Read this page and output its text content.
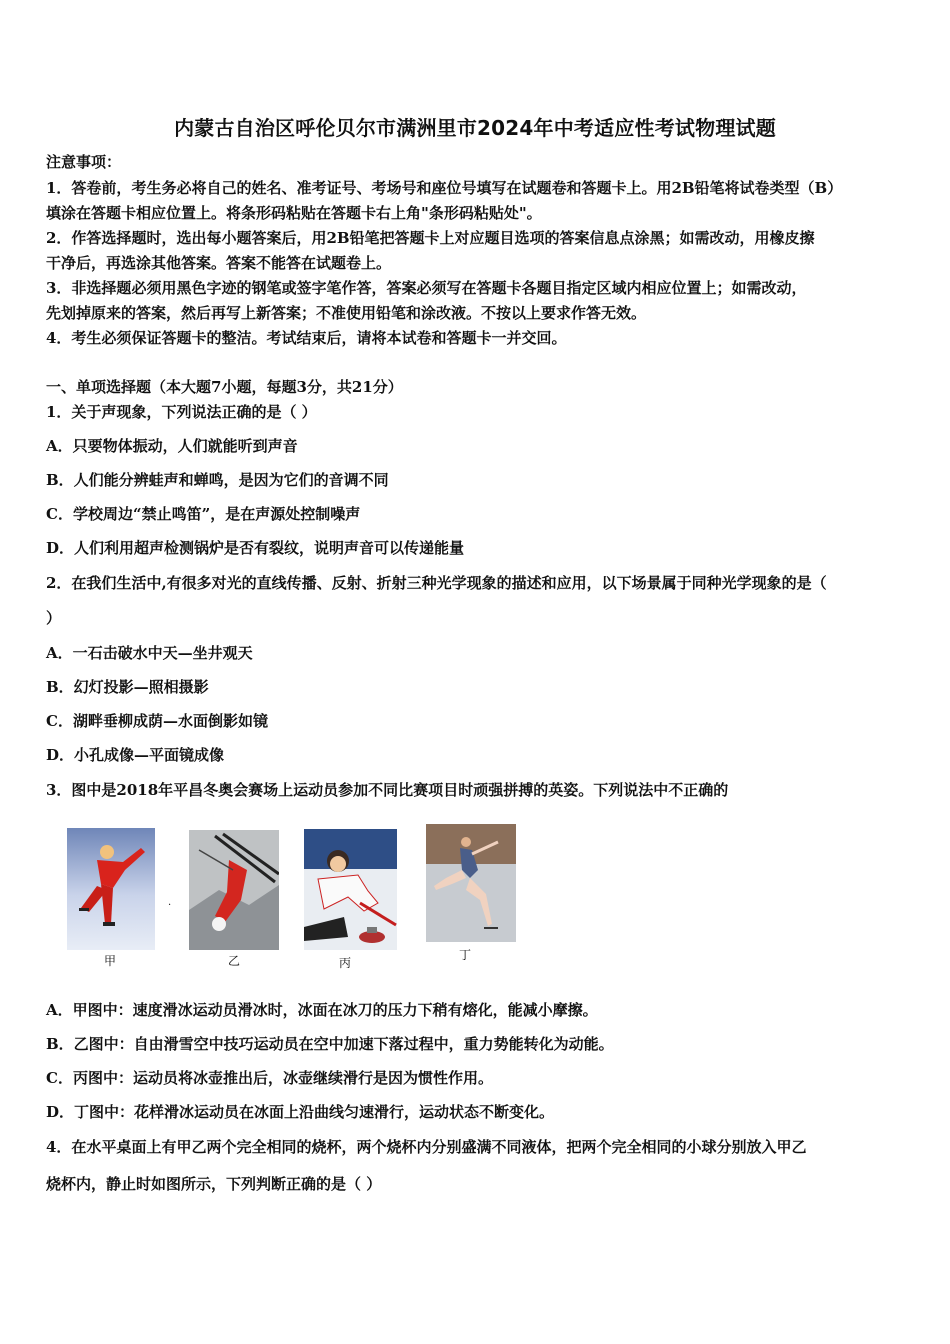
内蒙古自治区呼伦贝尔市满洲里市2024年中考适应性考试物理试题
注意事项：
1．答卷前，考生务必将自己的姓名、准考证号、考场号和座位号填写在试题卷和答题卡上。用2B铅笔将试卷类型（B）
填涂在答题卡相应位置上。将条形码粘贴在答题卡右上角"条形码粘贴处"。
2．作答选择题时，选出每小题答案后，用2B铅笔把答题卡上对应题目选项的答案信息点涂黑；如需改动，用橡皮擦
干净后，再选涂其他答案。答案不能答在试题卷上。
3．非选择题必须用黑色字迹的钢笔或签字笔作答，答案必须写在答题卡各题目指定区域内相应位置上；如需改动，
先划掉原来的答案，然后再写上新答案；不准使用铅笔和涂改液。不按以上要求作答无效。
4．考生必须保证答题卡的整洁。考试结束后，请将本试卷和答题卡一并交回。
一、单项选择题（本大题7小题，每题3分，共21分）
1．关于声现象，下列说法正确的是（ ）
A．只要物体振动，人们就能听到声音
B．人们能分辨蛙声和蝉鸣，是因为它们的音调不同
C．学校周边“禁止鸣笛”，是在声源处控制噪声
D．人们利用超声检测锅炉是否有裂纹，说明声音可以传递能量
2．在我们生活中,有很多对光的直线传播、反射、折射三种光学现象的描述和应用，以下场景属于同种光学现象的是（
）
A．一石击破水中天—坐井观天
B．幻灯投影—照相摄影
C．湖畔垂柳成荫—水面倒影如镜
D．小孔成像—平面镜成像
3．图中是2018年平昌冬奥会赛场上运动员参加不同比赛项目时顽强拼搏的英姿。下列说法中不正确的
甲	乙	丙
丁
.
A．甲图中：速度滑冰运动员滑冰时，冰面在冰刀的压力下稍有熔化，能减小摩擦。
B．乙图中：自由滑雪空中技巧运动员在空中加速下落过程中，重力势能转化为动能。
C．丙图中：运动员将冰壶推出后，冰壶继续滑行是因为惯性作用。
D．丁图中：花样滑冰运动员在冰面上沿曲线匀速滑行，运动状态不断变化。
4．在水平桌面上有甲乙两个完全相同的烧杯，两个烧杯内分别盛满不同液体，把两个完全相同的小球分别放入甲乙
烧杯内，静止时如图所示，下列判断正确的是（ ）
